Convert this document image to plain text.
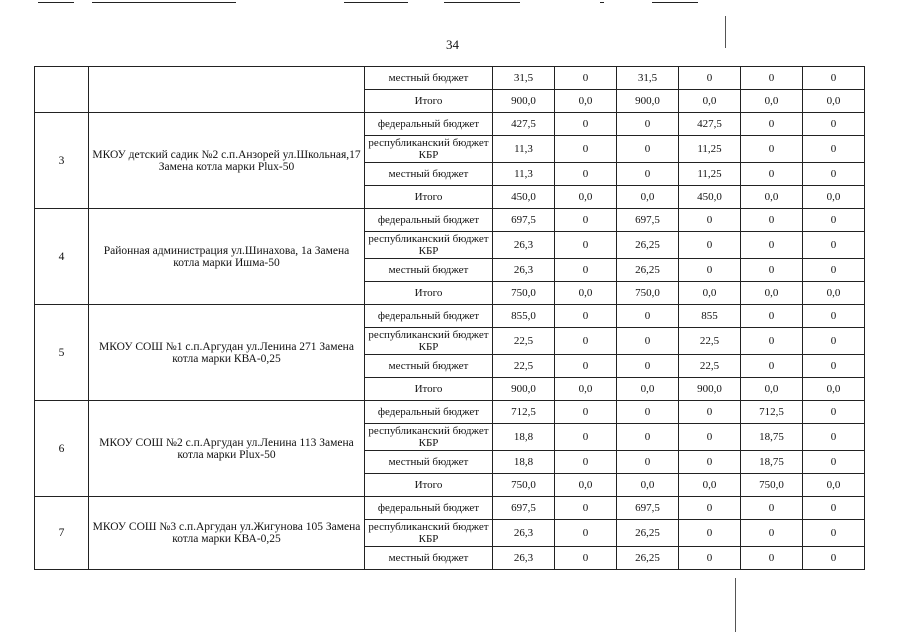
34
		местный бюджет	31,5	0	31,5	0	0	0
		Итого	900,0	0,0	900,0	0,0	0,0	0,0
3	МКОУ детский садик №2 с.п.Анзорей ул.Школьная,17 Замена котла марки Plux-50	федеральный бюджет	427,5	0	0	427,5	0	0
		республиканский бюджет КБР	11,3	0	0	11,25	0	0
		местный бюджет	11,3	0	0	11,25	0	0
		Итого	450,0	0,0	0,0	450,0	0,0	0,0
4	Районная администрация ул.Шинахова, 1а Замена котла марки Ишма-50	федеральный бюджет	697,5	0	697,5	0	0	0
		республиканский бюджет КБР	26,3	0	26,25	0	0	0
		местный бюджет	26,3	0	26,25	0	0	0
		Итого	750,0	0,0	750,0	0,0	0,0	0,0
5	МКОУ СОШ №1 с.п.Аргудан ул.Ленина 271 Замена котла марки КВА-0,25	федеральный бюджет	855,0	0	0	855	0	0
		республиканский бюджет КБР	22,5	0	0	22,5	0	0
		местный бюджет	22,5	0	0	22,5	0	0
		Итого	900,0	0,0	0,0	900,0	0,0	0,0
6	МКОУ СОШ №2 с.п.Аргудан ул.Ленина 113 Замена котла марки Plux-50	федеральный бюджет	712,5	0	0	0	712,5	0
		республиканский бюджет КБР	18,8	0	0	0	18,75	0
		местный бюджет	18,8	0	0	0	18,75	0
		Итого	750,0	0,0	0,0	0,0	750,0	0,0
7	МКОУ СОШ №3 с.п.Аргудан ул.Жигунова 105 Замена котла марки КВА-0,25	федеральный бюджет	697,5	0	697,5	0	0	0
		республиканский бюджет КБР	26,3	0	26,25	0	0	0
		местный бюджет	26,3	0	26,25	0	0	0
